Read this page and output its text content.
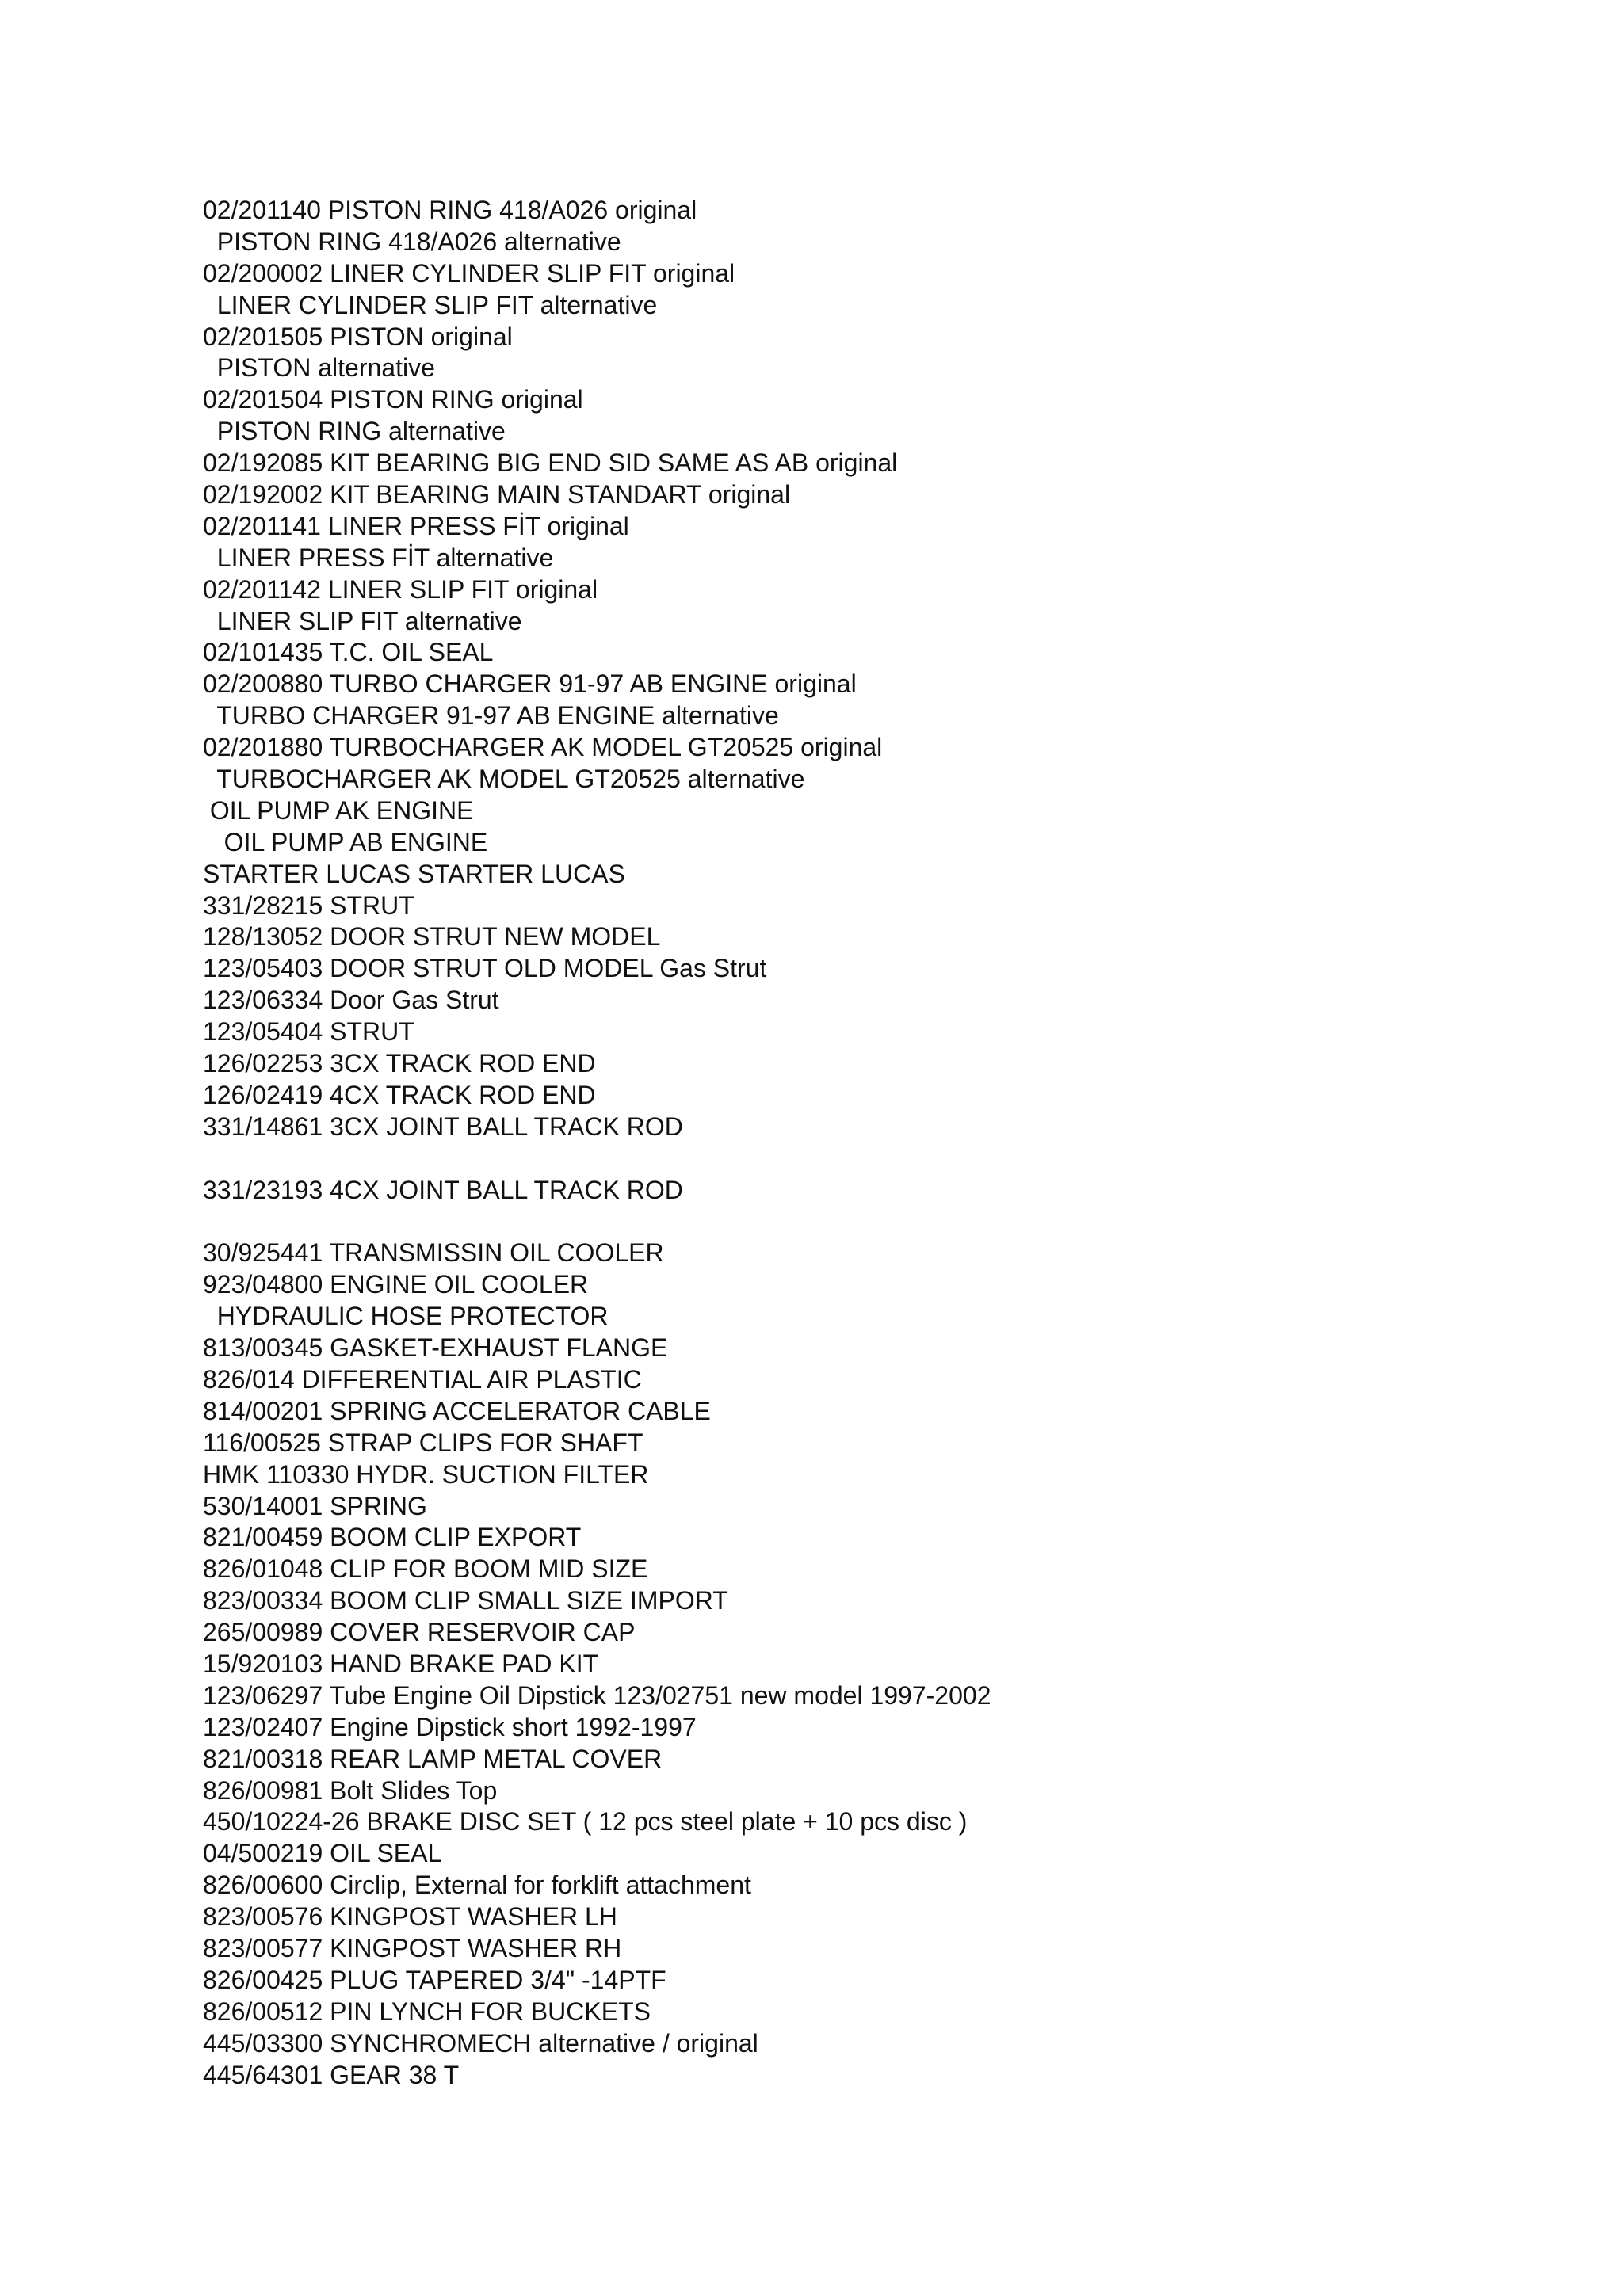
02/201140 PISTON RING 418/A026 original
PISTON RING 418/A026 alternative
02/200002 LINER CYLINDER SLIP FIT original
LINER CYLINDER SLIP FIT alternative
02/201505 PISTON original
PISTON alternative
02/201504 PISTON RING original
PISTON RING alternative
02/192085 KIT BEARING BIG END SID SAME AS AB original
02/192002 KIT BEARING MAIN STANDART original
02/201141 LINER PRESS FİT original
LINER PRESS FİT alternative
02/201142 LINER SLIP FIT original
LINER SLIP FIT alternative
02/101435 T.C. OIL SEAL
02/200880 TURBO CHARGER 91-97 AB ENGINE original
TURBO CHARGER 91-97 AB ENGINE alternative
02/201880 TURBOCHARGER AK MODEL GT20525 original
TURBOCHARGER AK MODEL GT20525 alternative
OIL PUMP AK ENGINE
OIL PUMP AB ENGINE
STARTER LUCAS STARTER LUCAS
331/28215 STRUT
128/13052 DOOR STRUT NEW MODEL
123/05403 DOOR STRUT OLD MODEL Gas Strut
123/06334 Door Gas Strut
123/05404 STRUT
126/02253 3CX TRACK ROD END
126/02419 4CX TRACK ROD END
331/14861 3CX JOINT BALL TRACK ROD
331/23193 4CX JOINT BALL TRACK ROD
30/925441 TRANSMISSIN OIL COOLER
923/04800 ENGINE OIL COOLER
HYDRAULIC HOSE PROTECTOR
813/00345 GASKET-EXHAUST FLANGE
826/014 DIFFERENTIAL AIR PLASTIC
814/00201 SPRING ACCELERATOR CABLE
116/00525 STRAP CLIPS FOR SHAFT
HMK 110330 HYDR. SUCTION FILTER
530/14001 SPRING
821/00459 BOOM CLIP EXPORT
826/01048 CLIP FOR BOOM MID SIZE
823/00334 BOOM CLIP SMALL SIZE IMPORT
265/00989 COVER RESERVOIR CAP
15/920103 HAND BRAKE PAD KIT
123/06297 Tube Engine Oil Dipstick 123/02751 new model 1997-2002
123/02407 Engine Dipstick short 1992-1997
821/00318 REAR LAMP METAL COVER
826/00981 Bolt Slides Top
450/10224-26 BRAKE DISC SET ( 12 pcs steel plate + 10 pcs disc )
04/500219 OIL SEAL
826/00600 Circlip, External for forklift attachment
823/00576 KINGPOST WASHER LH
823/00577 KINGPOST WASHER RH
826/00425 PLUG TAPERED 3/4" -14PTF
826/00512 PIN LYNCH FOR BUCKETS
445/03300 SYNCHROMECH alternative / original
445/64301 GEAR 38 T
